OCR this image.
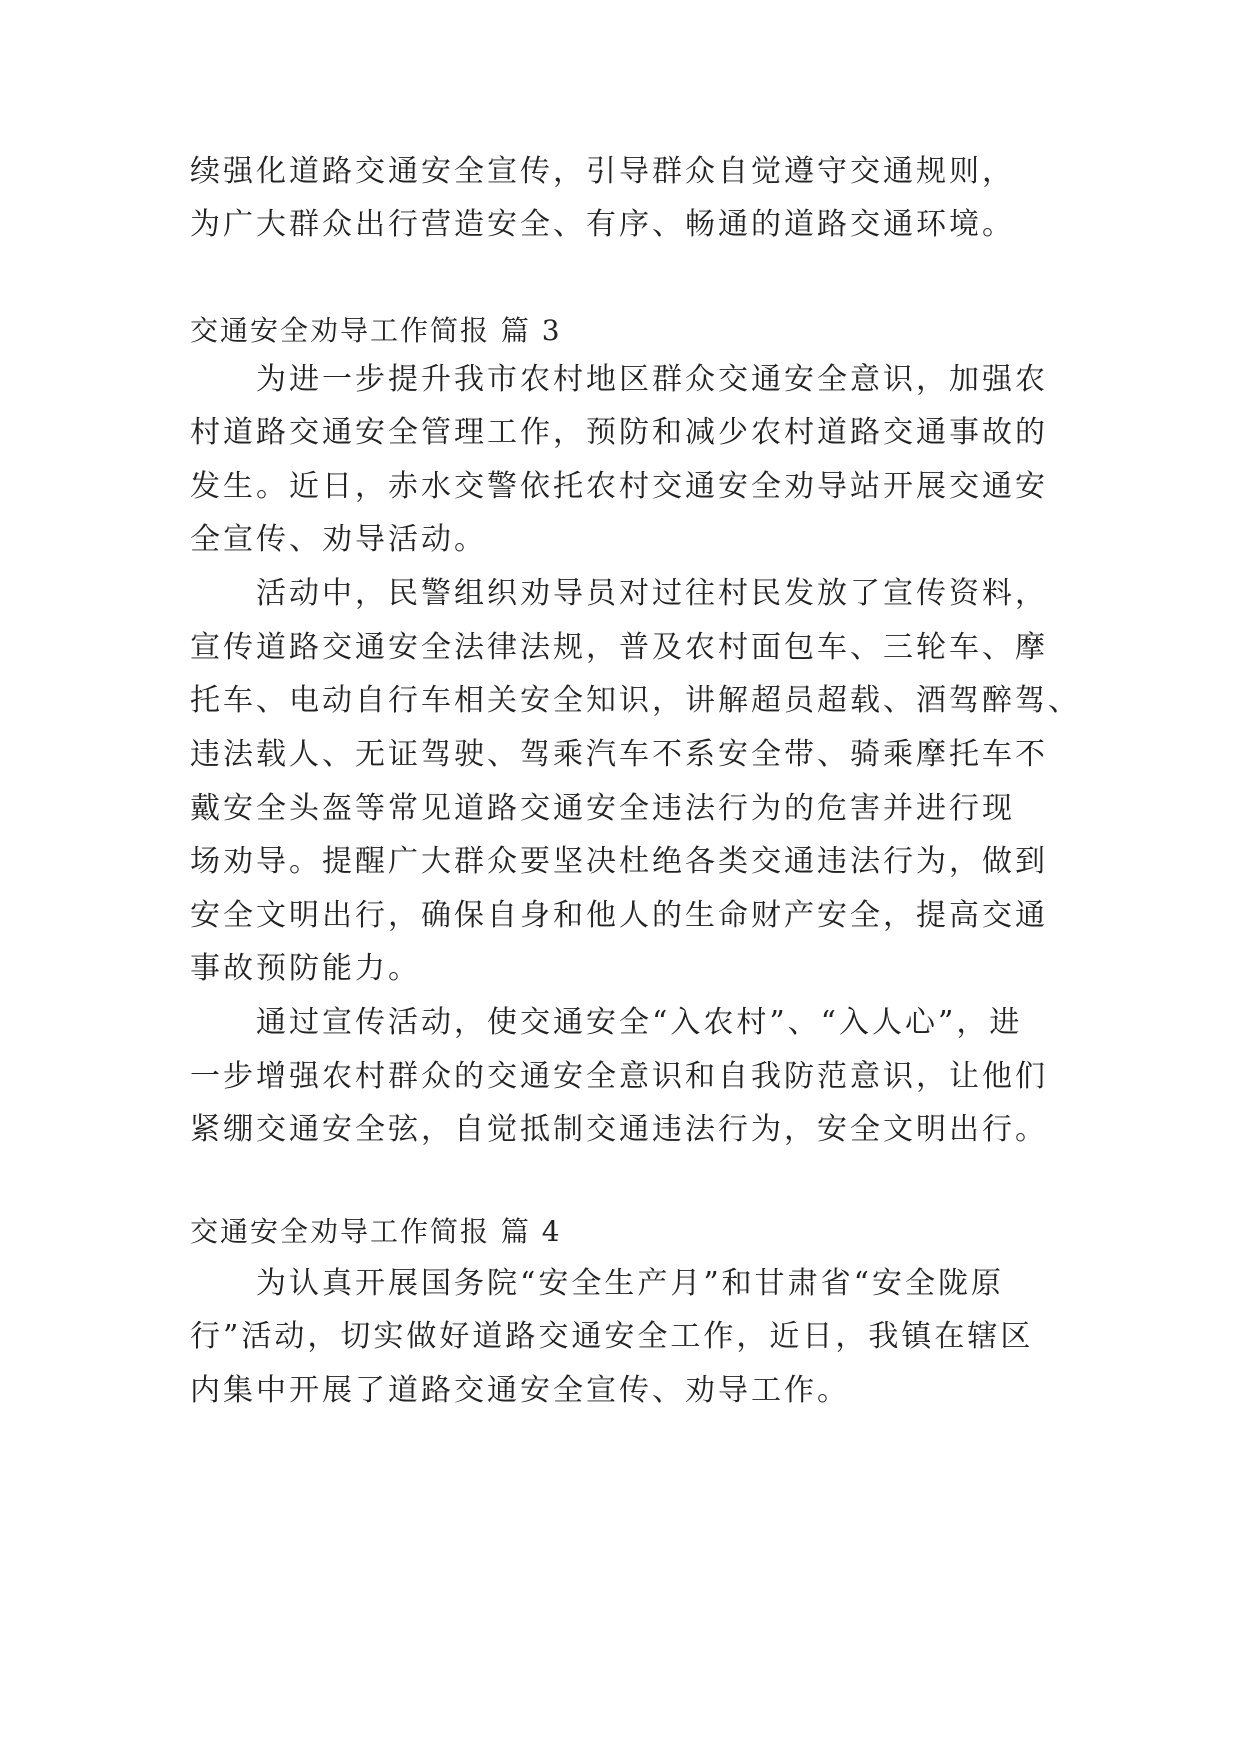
续强化道路交通安全宣传，引导群众自觉遵守交通规则，
为广大群众出行营造安全、有序、畅通的道路交通环境。
交通安全劝导工作简报 篇 3
为进一步提升我市农村地区群众交通安全意识，加强农
村道路交通安全管理工作，预防和减少农村道路交通事故的
发生。近日，赤水交警依托农村交通安全劝导站开展交通安
全宣传、劝导活动。
活动中，民警组织劝导员对过往村民发放了宣传资料，
宣传道路交通安全法律法规，普及农村面包车、三轮车、摩
托车、电动自行车相关安全知识，讲解超员超载、酒驾醉驾、
违法载人、无证驾驶、驾乘汽车不系安全带、骑乘摩托车不
戴安全头盔等常见道路交通安全违法行为的危害并进行现
场劝导。提醒广大群众要坚决杜绝各类交通违法行为，做到
安全文明出行，确保自身和他人的生命财产安全，提高交通
事故预防能力。
通过宣传活动，使交通安全“入农村”、“入人心”，进
一步增强农村群众的交通安全意识和自我防范意识，让他们
紧绷交通安全弦，自觉抵制交通违法行为，安全文明出行。
交通安全劝导工作简报 篇 4
为认真开展国务院“安全生产月”和甘肃省“安全陇原
行”活动，切实做好道路交通安全工作，近日，我镇在辖区
内集中开展了道路交通安全宣传、劝导工作。
